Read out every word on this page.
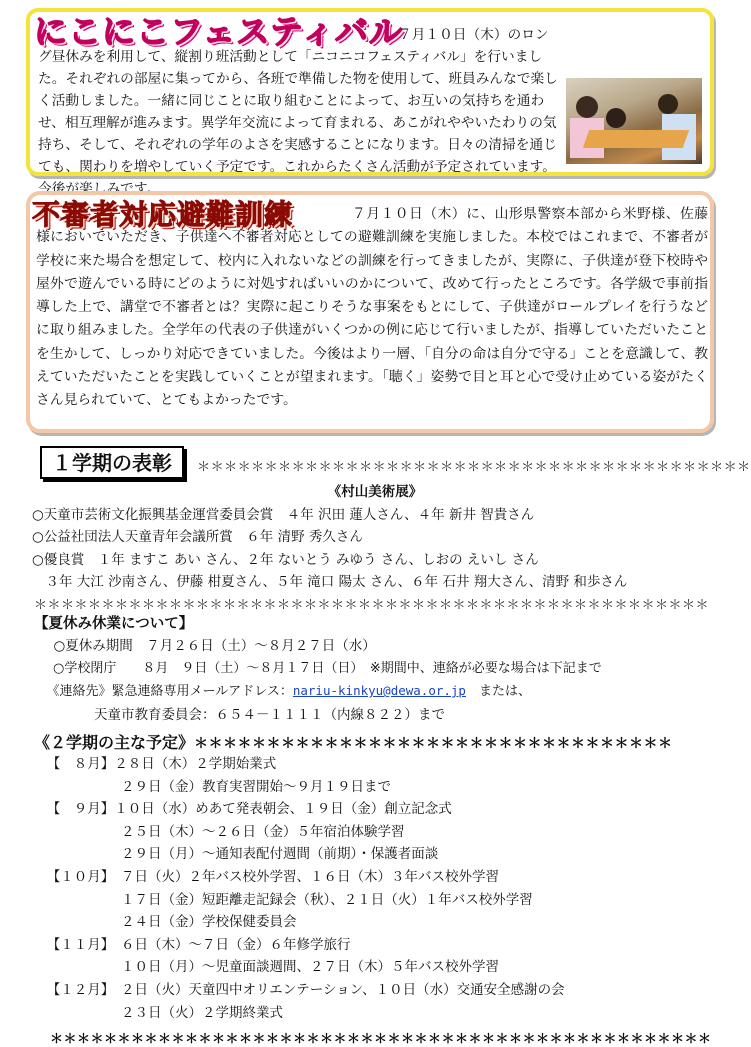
にこにこフェスティバル
７月１０日（木）のロング昼休みを利用して、縦割り班活動として「ニコニコフェスティバル」を行いました。それぞれの部屋に集ってから、各班で準備した物を使用して、班員みんなで楽しく活動しました。一緒に同じことに取り組むことによって、お互いの気持ちを通わせ、相互理解が進みます。異学年交流によって育まれる、あこがれややいたわりの気持ち、そして、それぞれの学年のよさを実感することになります。日々の清掃を通じても、関わりを増やしていく予定です。これからたくさん活動が予定されています。今後が楽しみです。
不審者対応避難訓練	７月１０日（木）に、山形県警察本部から米野様、佐藤様においでいただき、子供達へ不審者対応としての避難訓練を実施しました。本校ではこれまで、不審者が学校に来た場合を想定して、校内に入れないなどの訓練を行ってきましたが、実際に、子供達が登下校時や屋外で遊んでいる時にどのように対処すればいいのかについて、改めて行ったところです。各学級で事前指導した上で、講堂で不審者とは？実際に起こりそうな事案をもとにして、子供達がロールプレイを行うなどに取り組みました。全学年の代表の子供達がいくつかの例に応じて行いましたが、指導していただいたことを生かして、しっかり対応できていました。今後はより一層、「自分の命は自分で守る」ことを意識して、教えていただいたことを実践していくことが望まれます。「聴く」姿勢で目と耳と心で受け止めている姿がたくさん見られていて、とてもよかったです。
１学期の表彰 ＊＊＊＊＊＊＊＊＊＊＊＊＊＊＊＊＊＊＊＊＊＊＊＊＊＊＊＊＊＊＊＊＊＊＊＊＊＊＊＊＊
《村山美術展》
○天童市芸術文化振興基金運営委員会賞　４年 沢田 蓮人さん、４年 新井 智貴さん
○公益社団法人天童青年会議所賞　６年 清野 秀久さん
○優良賞　１年 ますこ あい さん、２年 ないとう みゆう さん、しおの えいし さん
　３年 大江 沙南さん、伊藤 柑夏さん、５年 滝口 陽太 さん、６年 石井 翔大さん、清野 和歩さん
＊＊＊＊＊＊＊＊＊＊＊＊＊＊＊＊＊＊＊＊＊＊＊＊＊＊＊＊＊＊＊＊＊＊＊＊＊＊＊＊＊＊＊＊＊＊＊＊＊＊
【夏休み休業について】
　○夏休み期間　７月２６日（土）～８月２７日（水）
　○学校閉庁　　８月　９日（土）～８月１７日（日）　※期間中、連絡が必要な場合は下記まで
　《連絡先》緊急連絡専用メールアドレス：nariu-kinkyu@dewa.or.jp　または、
　　　　天童市教育委員会：６５４－１１１１（内線８２２）まで
《２学期の主な予定》＊＊＊＊＊＊＊＊＊＊＊＊＊＊＊＊＊＊＊＊＊＊＊＊＊＊＊＊＊＊＊＊＊
　【　８月】２８日（木）２学期始業式
　　　　　　２９日（金）教育実習開始～９月１９日まで
　【　９月】１０日（水）めあて発表朝会、１９日（金）創立記念式
　　　　　　２５日（木）～２６日（金）５年宿泊体験学習
　　　　　　２９日（月）～通知表配付週間（前期）・保護者面談
　【１０月】　７日（火）２年バス校外学習、１６日（木）３年バス校外学習
　　　　　　１７日（金）短距離走記録会（秋）、２１日（火）１年バス校外学習
　　　　　　２４日（金）学校保健委員会
　【１１月】　６日（木）～７日（金）６年修学旅行
　　　　　　１０日（月）～児童面談週間、２７日（木）５年バス校外学習
　【１２月】　２日（火）天童四中オリエンテーション、１０日（水）交通安全感謝の会
　　　　　　２３日（火）２学期終業式
＊＊＊＊＊＊＊＊＊＊＊＊＊＊＊＊＊＊＊＊＊＊＊＊＊＊＊＊＊＊＊＊＊＊＊＊＊＊＊＊＊＊＊＊＊＊＊＊＊
